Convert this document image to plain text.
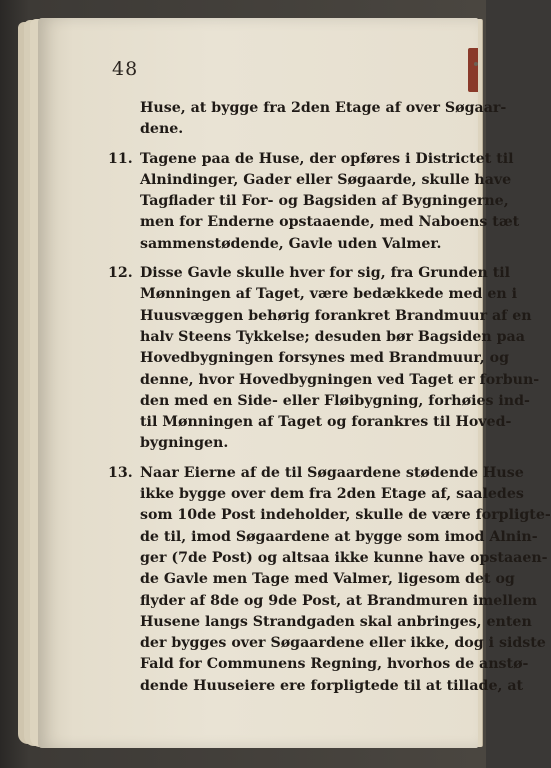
48
Huse, at bygge fra 2den Etage af over Søgaar-
dene.
11. Tagene paa de Huse, der opføres i Districtet til
Alnindinger, Gader eller Søgaarde, skulle have
Tagflader til For- og Bagsiden af Bygningerne,
men for Enderne opstaaende, med Naboens tæt
sammenstødende, Gavle uden Valmer.
12. Disse Gavle skulle hver for sig, fra Grunden til
Mønningen af Taget, være bedækkede med en i
Huusvæggen behørig forankret Brandmuur af en
halv Steens Tykkelse; desuden bør Bagsiden paa
Hovedbygningen forsynes med Brandmuur, og
denne, hvor Hovedbygningen ved Taget er forbun-
den med en Side- eller Fløibygning, forhøies ind-
til Mønningen af Taget og forankres til Hoved-
bygningen.
13. Naar Eierne af de til Søgaardene stødende Huse
ikke bygge over dem fra 2den Etage af, saaledes
som 10de Post indeholder, skulle de være forpligte-
de til, imod Søgaardene at bygge som imod Alnin-
ger (7de Post) og altsaa ikke kunne have opstaaen-
de Gavle men Tage med Valmer, ligesom det og
flyder af 8de og 9de Post, at Brandmuren imellem
Husene langs Strandgaden skal anbringes, enten
der bygges over Søgaardene eller ikke, dog i sidste
Fald for Communens Regning, hvorhos de anstø-
dende Huuseiere ere forpligtede til at tillade, at
